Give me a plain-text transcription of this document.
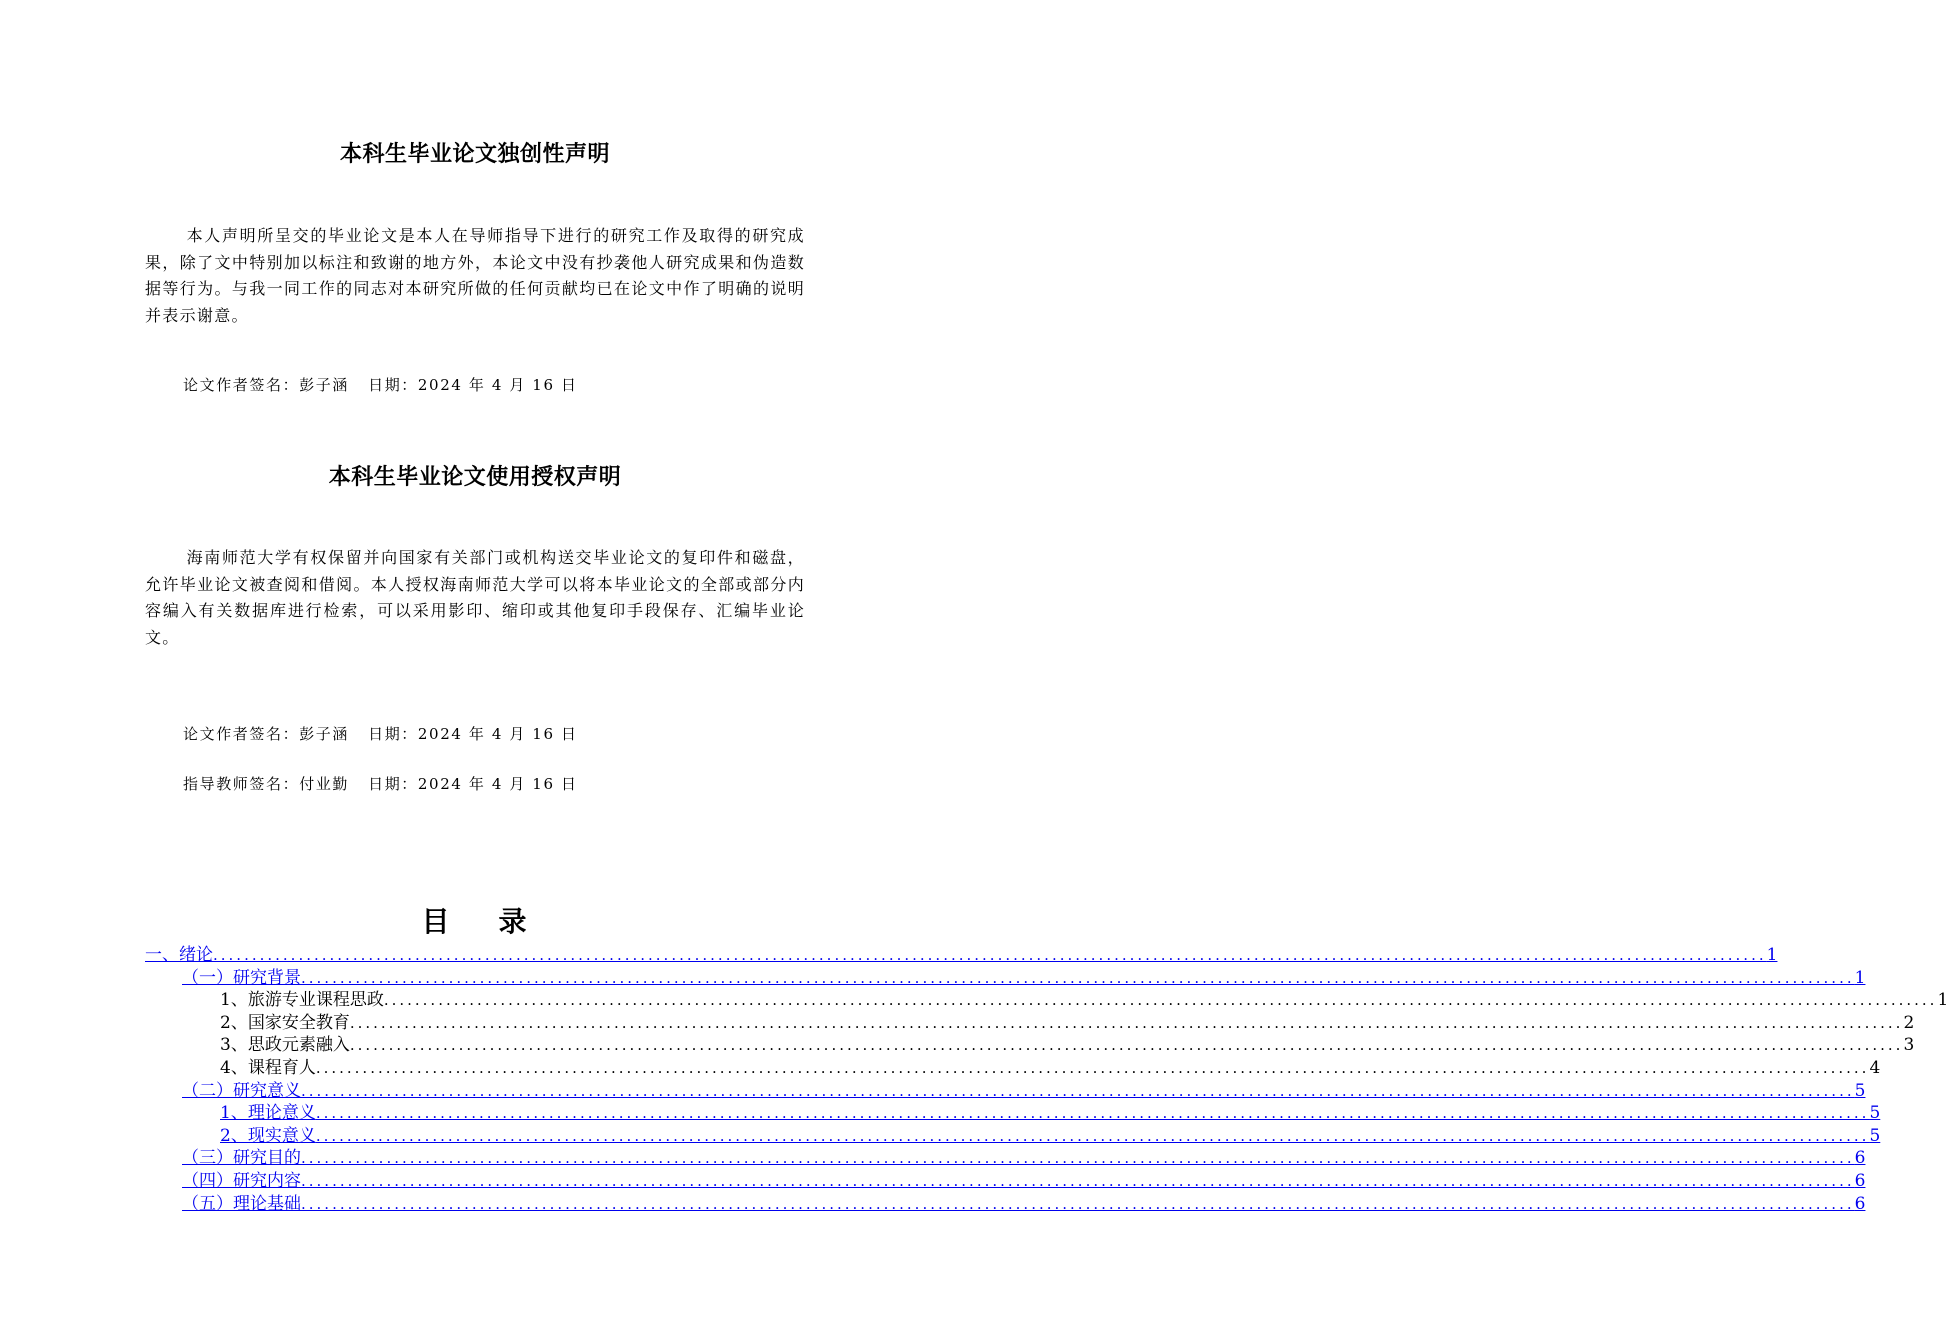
本科生毕业论文独创性声明
本人声明所呈交的毕业论文是本人在导师指导下进行的研究工作及取得的研究成果，除了文中特别加以标注和致谢的地方外，本论文中没有抄袭他人研究成果和伪造数据等行为。与我一同工作的同志对本研究所做的任何贡献均已在论文中作了明确的说明并表示谢意。
论文作者签名：彭子涵   日期：2024 年 4 月 16 日
本科生毕业论文使用授权声明
海南师范大学有权保留并向国家有关部门或机构送交毕业论文的复印件和磁盘，允许毕业论文被查阅和借阅。本人授权海南师范大学可以将本毕业论文的全部或部分内容编入有关数据库进行检索，可以采用影印、缩印或其他复印手段保存、汇编毕业论文。
论文作者签名：彭子涵   日期：2024 年 4 月 16 日
指导教师签名：付业勤   日期：2024 年 4 月 16 日
目    录
一、绪论 ........................................................................................................................................................................................................ 1
（一）研究背景 ........................................................................................................................................................................................................ 1
1、旅游专业课程思政 ........................................................................................................................................................................................................ 1
2、国家安全教育 ........................................................................................................................................................................................................ 2
3、思政元素融入 ........................................................................................................................................................................................................ 3
4、课程育人 ........................................................................................................................................................................................................ 4
（二）研究意义 ........................................................................................................................................................................................................ 5
1、理论意义 ........................................................................................................................................................................................................ 5
2、现实意义 ........................................................................................................................................................................................................ 5
（三）研究目的 ........................................................................................................................................................................................................ 6
（四）研究内容 ........................................................................................................................................................................................................ 6
（五）理论基础 ........................................................................................................................................................................................................ 6
